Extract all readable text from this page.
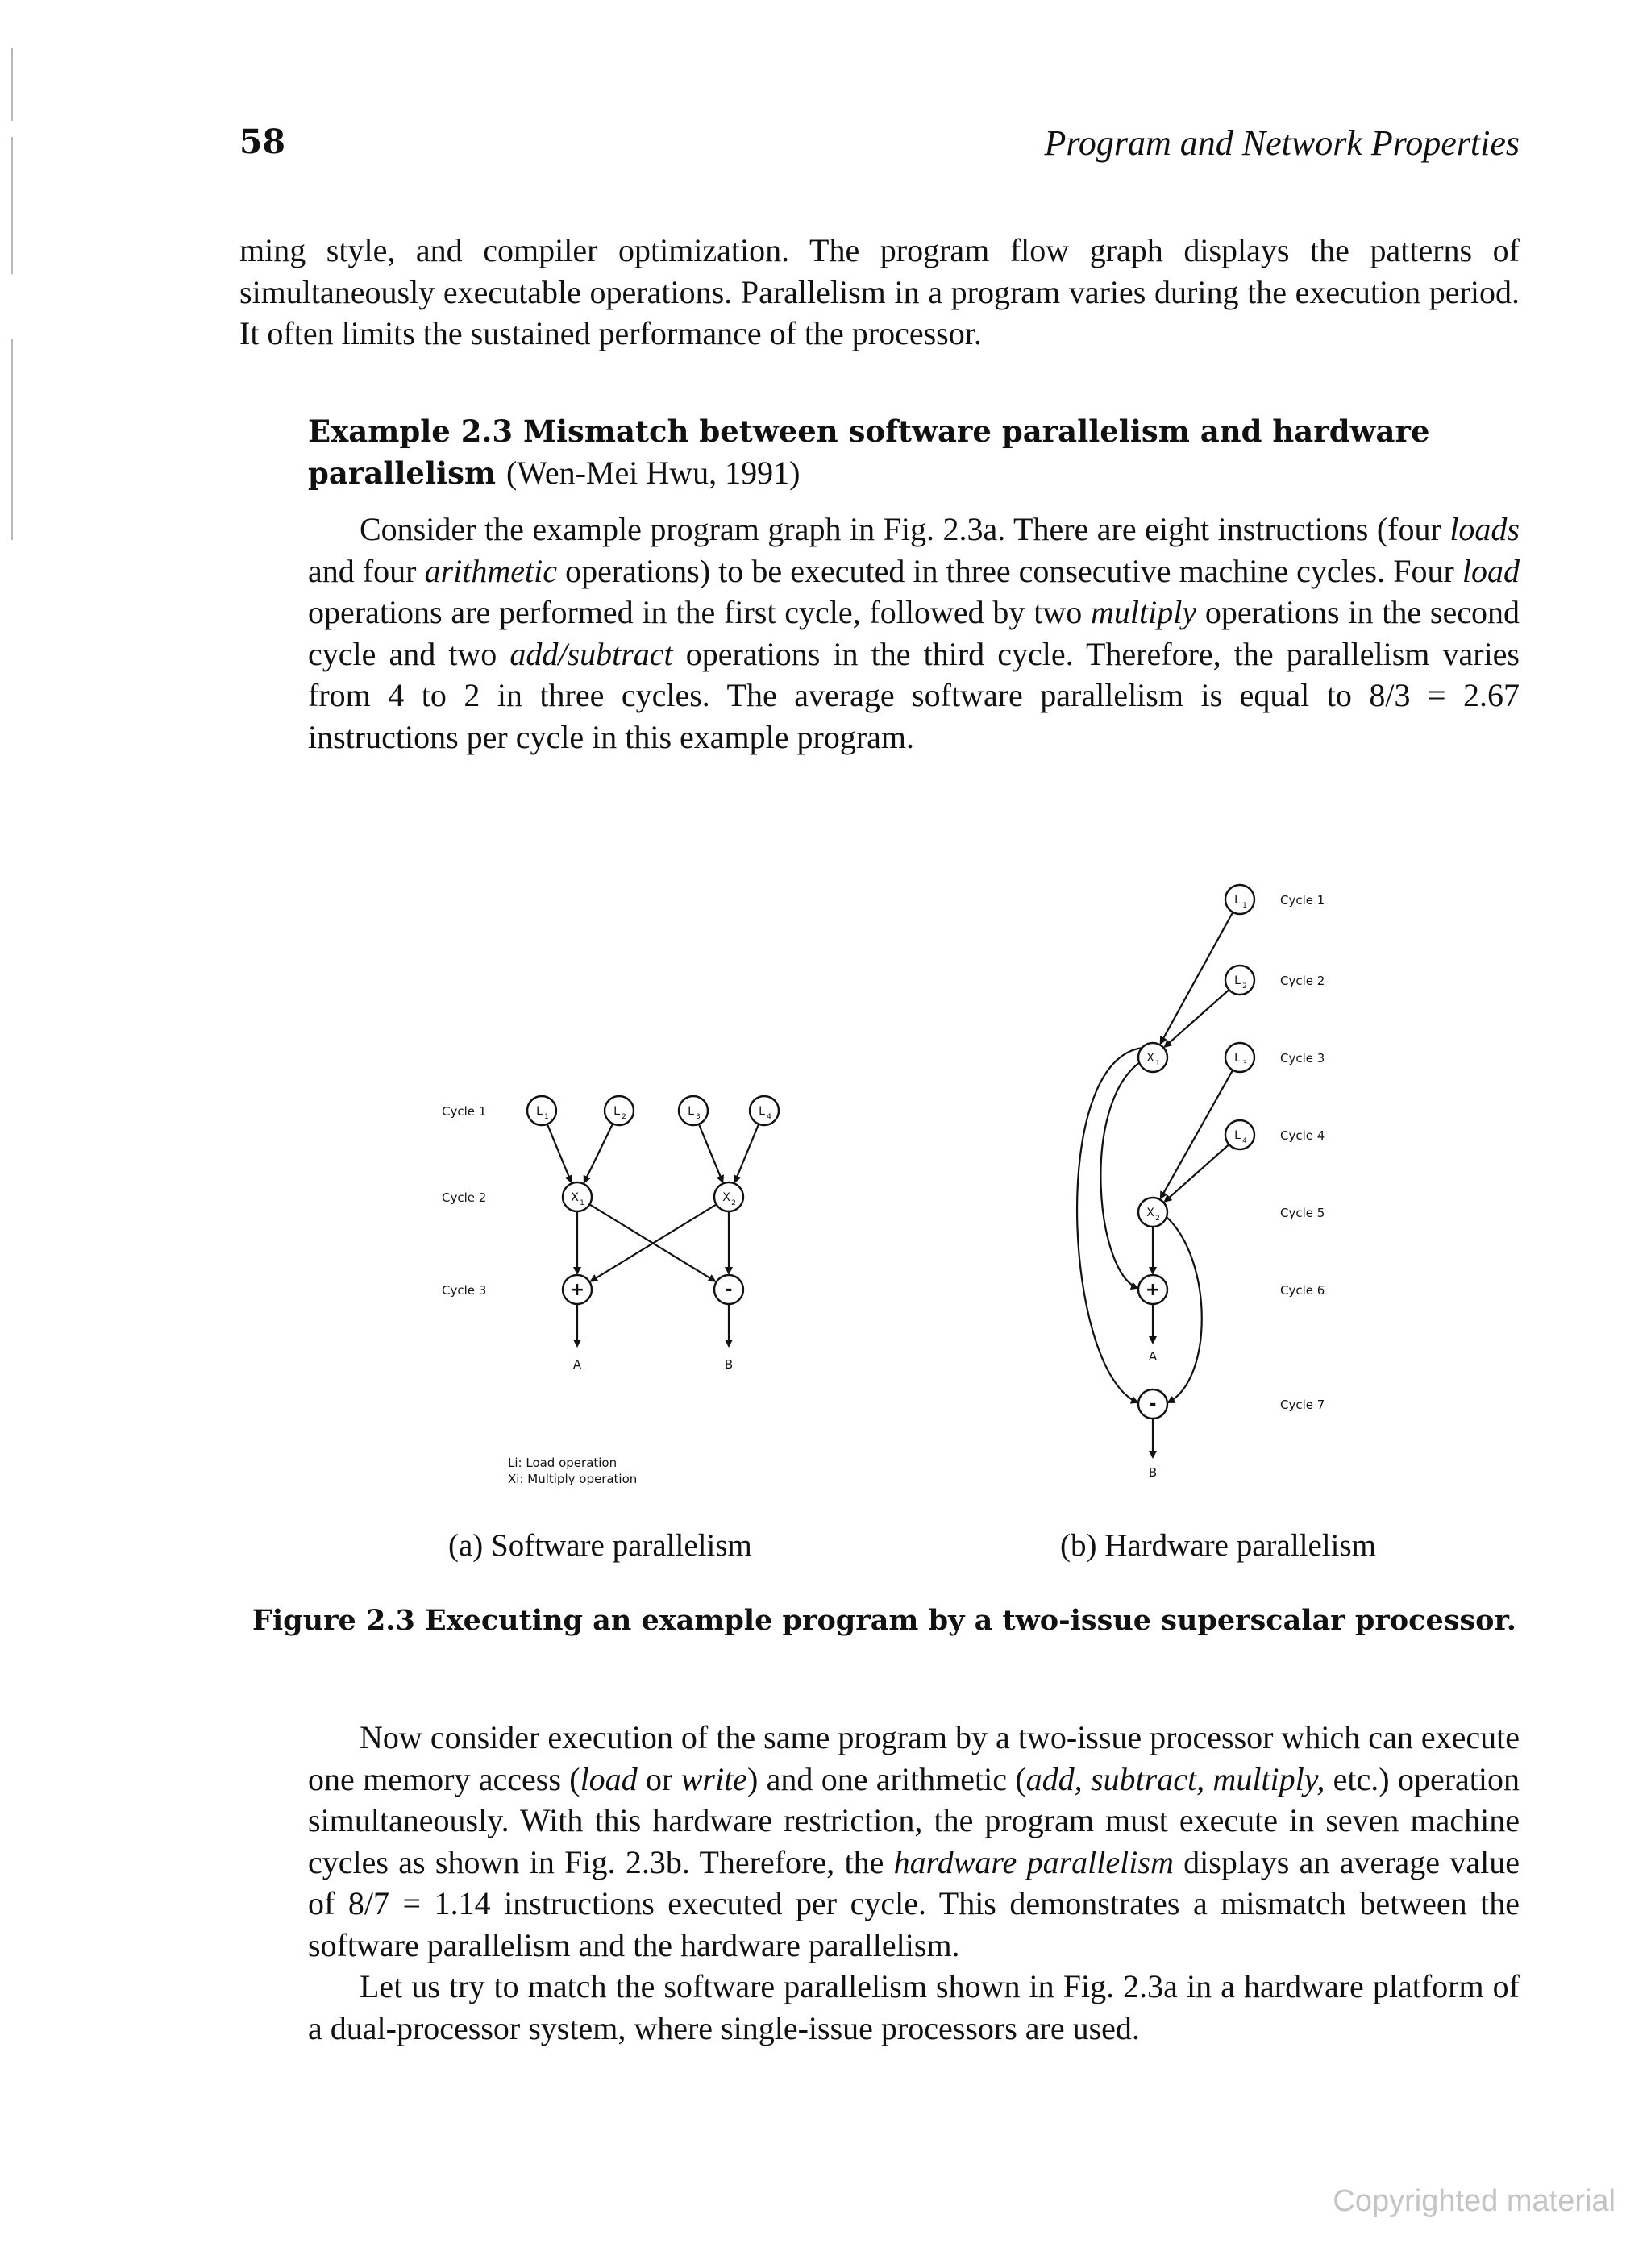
58	Program and Network Properties

ming style, and compiler optimization. The program flow graph displays the patterns of simultaneously executable operations. Parallelism in a program varies during the execution period. It often limits the sustained performance of the processor.

Example 2.3 Mismatch between software parallelism and hardware parallelism (Wen-Mei Hwu, 1991)

Consider the example program graph in Fig. 2.3a. There are eight instructions (four loads and four arithmetic operations) to be executed in three consecutive machine cycles. Four load operations are performed in the first cycle, followed by two multiply operations in the second cycle and two add/subtract operations in the third cycle. Therefore, the parallelism varies from 4 to 2 in three cycles. The average software parallelism is equal to 8/3 = 2.67 instructions per cycle in this example program.

L 1	L 2	L 3	L 4
X 1	X 2
+	-
Cycle 1
Cycle 2
Cycle 3
A	B
Li: Load operation
Xi: Multiply operation
L 1
L 2
L 3
L 4
X 1
X 2
+
-
Cycle 1
Cycle 2
Cycle 3
Cycle 4
Cycle 5
Cycle 6
Cycle 7
A
B
(a) Software parallelism	(b) Hardware parallelism
Figure 2.3 Executing an example program by a two-issue superscalar processor.

Now consider execution of the same program by a two-issue processor which can execute one memory access (load or write) and one arithmetic (add, subtract, multiply, etc.) operation simultaneously. With this hardware restriction, the program must execute in seven machine cycles as shown in Fig. 2.3b. Therefore, the hardware parallelism displays an average value of 8/7 = 1.14 instructions executed per cycle. This demonstrates a mismatch between the software parallelism and the hardware parallelism.

Let us try to match the software parallelism shown in Fig. 2.3a in a hardware platform of a dual-processor system, where single-issue processors are used.

Copyrighted material
